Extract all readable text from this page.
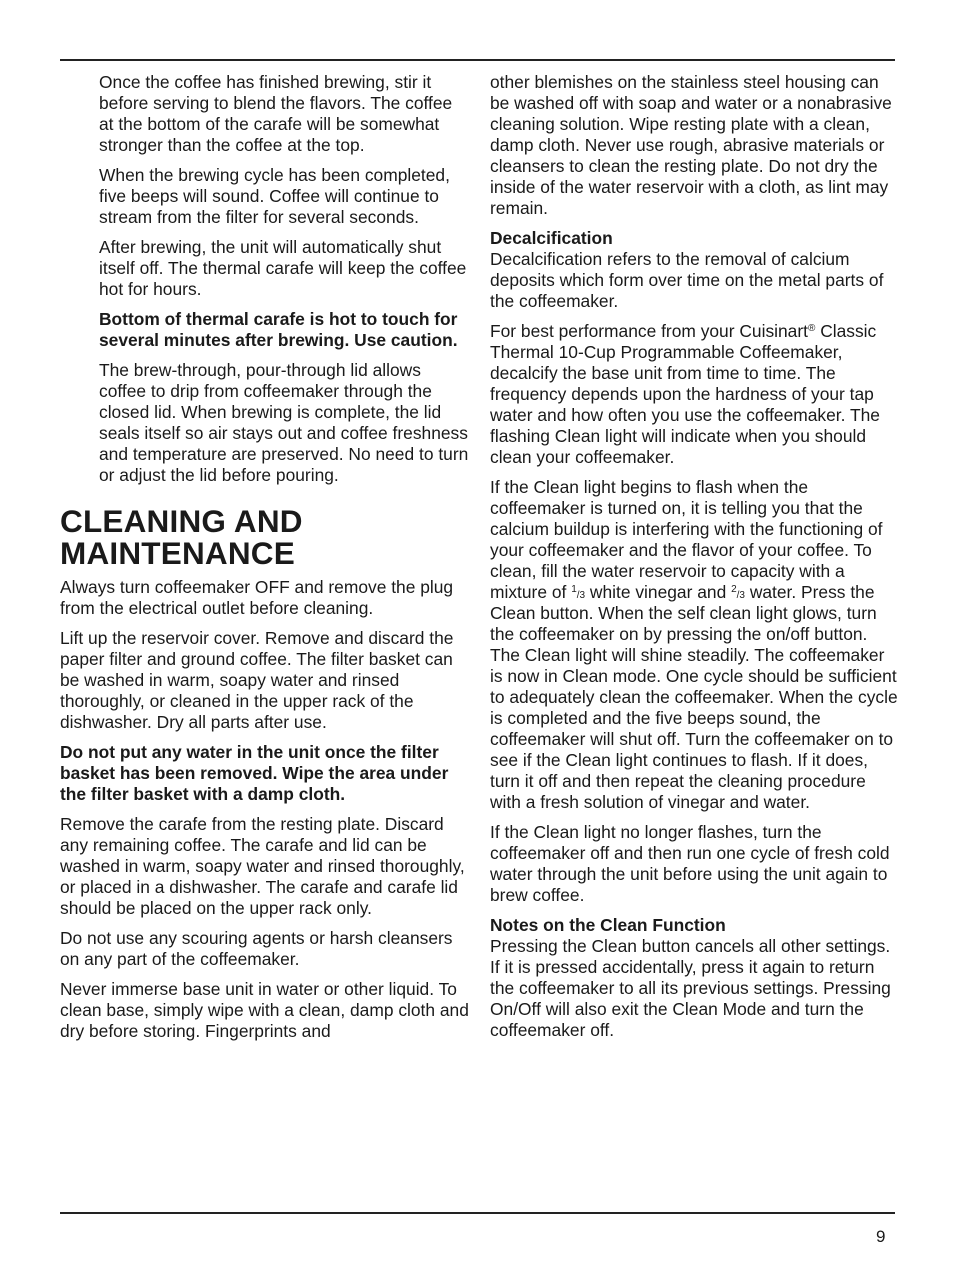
Once the coffee has finished brewing, stir it before serving to blend the flavors. The coffee at the bottom of the carafe will be somewhat stronger than the coffee at the top.

When the brewing cycle has been completed, five beeps will sound. Coffee will continue to stream from the filter for several seconds.

After brewing, the unit will automatically shut itself off. The thermal carafe will keep the coffee hot for hours.

Bottom of thermal carafe is hot to touch for several minutes after brewing. Use caution.

The brew-through, pour-through lid allows coffee to drip from coffeemaker through the closed lid. When brewing is complete, the lid seals itself so air stays out and coffee freshness and temperature are preserved. No need to turn or adjust the lid before pouring.

CLEANING AND
MAINTENANCE

Always turn coffeemaker OFF and remove the plug from the electrical outlet before cleaning.

Lift up the reservoir cover. Remove and discard the paper filter and ground coffee. The filter basket can be washed in warm, soapy water and rinsed thoroughly, or cleaned in the upper rack of the dishwasher. Dry all parts after use.

Do not put any water in the unit once the filter basket has been removed. Wipe the area under the filter basket with a damp cloth.

Remove the carafe from the resting plate. Discard any remaining coffee. The carafe and lid can be washed in warm, soapy water and rinsed thoroughly, or placed in a dishwasher. The carafe and carafe lid should be placed on the upper rack only.

Do not use any scouring agents or harsh cleansers on any part of the coffeemaker.

Never immerse base unit in water or other liquid. To clean base, simply wipe with a clean, damp cloth and dry before storing. Fingerprints and

other blemishes on the stainless steel housing can be washed off with soap and water or a nonabrasive cleaning solution. Wipe resting plate with a clean, damp cloth. Never use rough, abrasive materials or cleansers to clean the resting plate. Do not dry the inside of the water reservoir with a cloth, as lint may remain.

Decalcification
Decalcification refers to the removal of calcium deposits which form over time on the metal parts of the coffeemaker.

For best performance from your Cuisinart® Classic Thermal 10-Cup Programmable Coffeemaker, decalcify the base unit from time to time. The frequency depends upon the hardness of your tap water and how often you use the coffeemaker. The flashing Clean light will indicate when you should clean your coffeemaker.

If the Clean light begins to flash when the coffeemaker is turned on, it is telling you that the calcium buildup is interfering with the functioning of your coffeemaker and the flavor of your coffee. To clean, fill the water reservoir to capacity with a mixture of $^1$/3 white vinegar and $^2$/3 water. Press the Clean button. When the self clean light glows, turn the coffeemaker on by pressing the on/off button. The Clean light will shine steadily. The coffeemaker is now in Clean mode. One cycle should be sufficient to adequately clean the coffeemaker. When the cycle is completed and the five beeps sound, the coffeemaker will shut off. Turn the coffeemaker on to see if the Clean light continues to flash. If it does, turn it off and then repeat the cleaning procedure with a fresh solution of vinegar and water.

If the Clean light no longer flashes, turn the coffeemaker off and then run one cycle of fresh cold water through the unit before using the unit again to brew coffee.

Notes on the Clean Function
Pressing the Clean button cancels all other settings. If it is pressed accidentally, press it again to return the coffeemaker to all its previous settings. Pressing On/Off will also exit the Clean Mode and turn the coffeemaker off.

9
